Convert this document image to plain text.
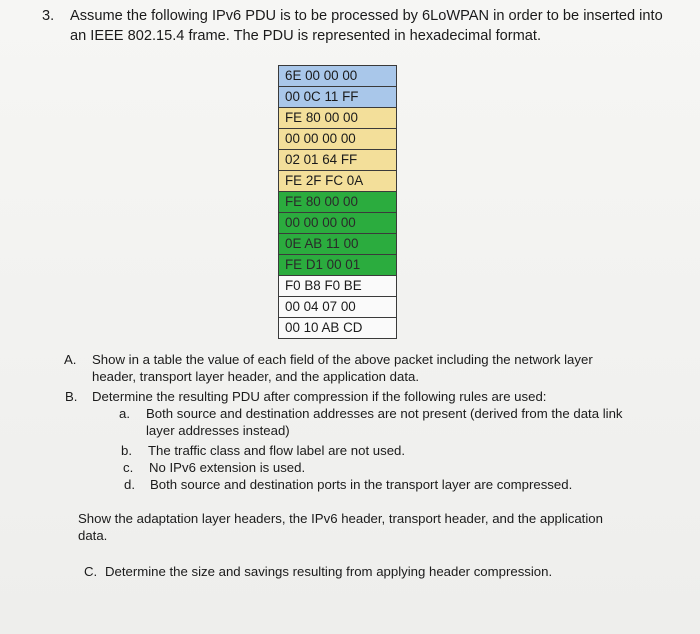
3. Assume the following IPv6 PDU is to be processed by 6LoWPAN in order to be inserted into an IEEE 802.15.4 frame. The PDU is represented in hexadecimal format.
6E 00 00 00
00 0C 11 FF
FE 80 00 00
00 00 00 00
02 01 64 FF
FE 2F FC 0A
FE 80 00 00
00 00 00 00
0E AB 11 00
FE D1 00 01
F0 B8 F0 BE
00 04 07 00
00 10 AB CD
A. Show in a table the value of each field of the above packet including the network layer header, transport layer header, and the application data.
B. Determine the resulting PDU after compression if the following rules are used:
a. Both source and destination addresses are not present (derived from the data link layer addresses instead)
b. The traffic class and flow label are not used.
c. No IPv6 extension is used.
d. Both source and destination ports in the transport layer are compressed.
Show the adaptation layer headers, the IPv6 header, transport header, and the application data.
C. Determine the size and savings resulting from applying header compression.
